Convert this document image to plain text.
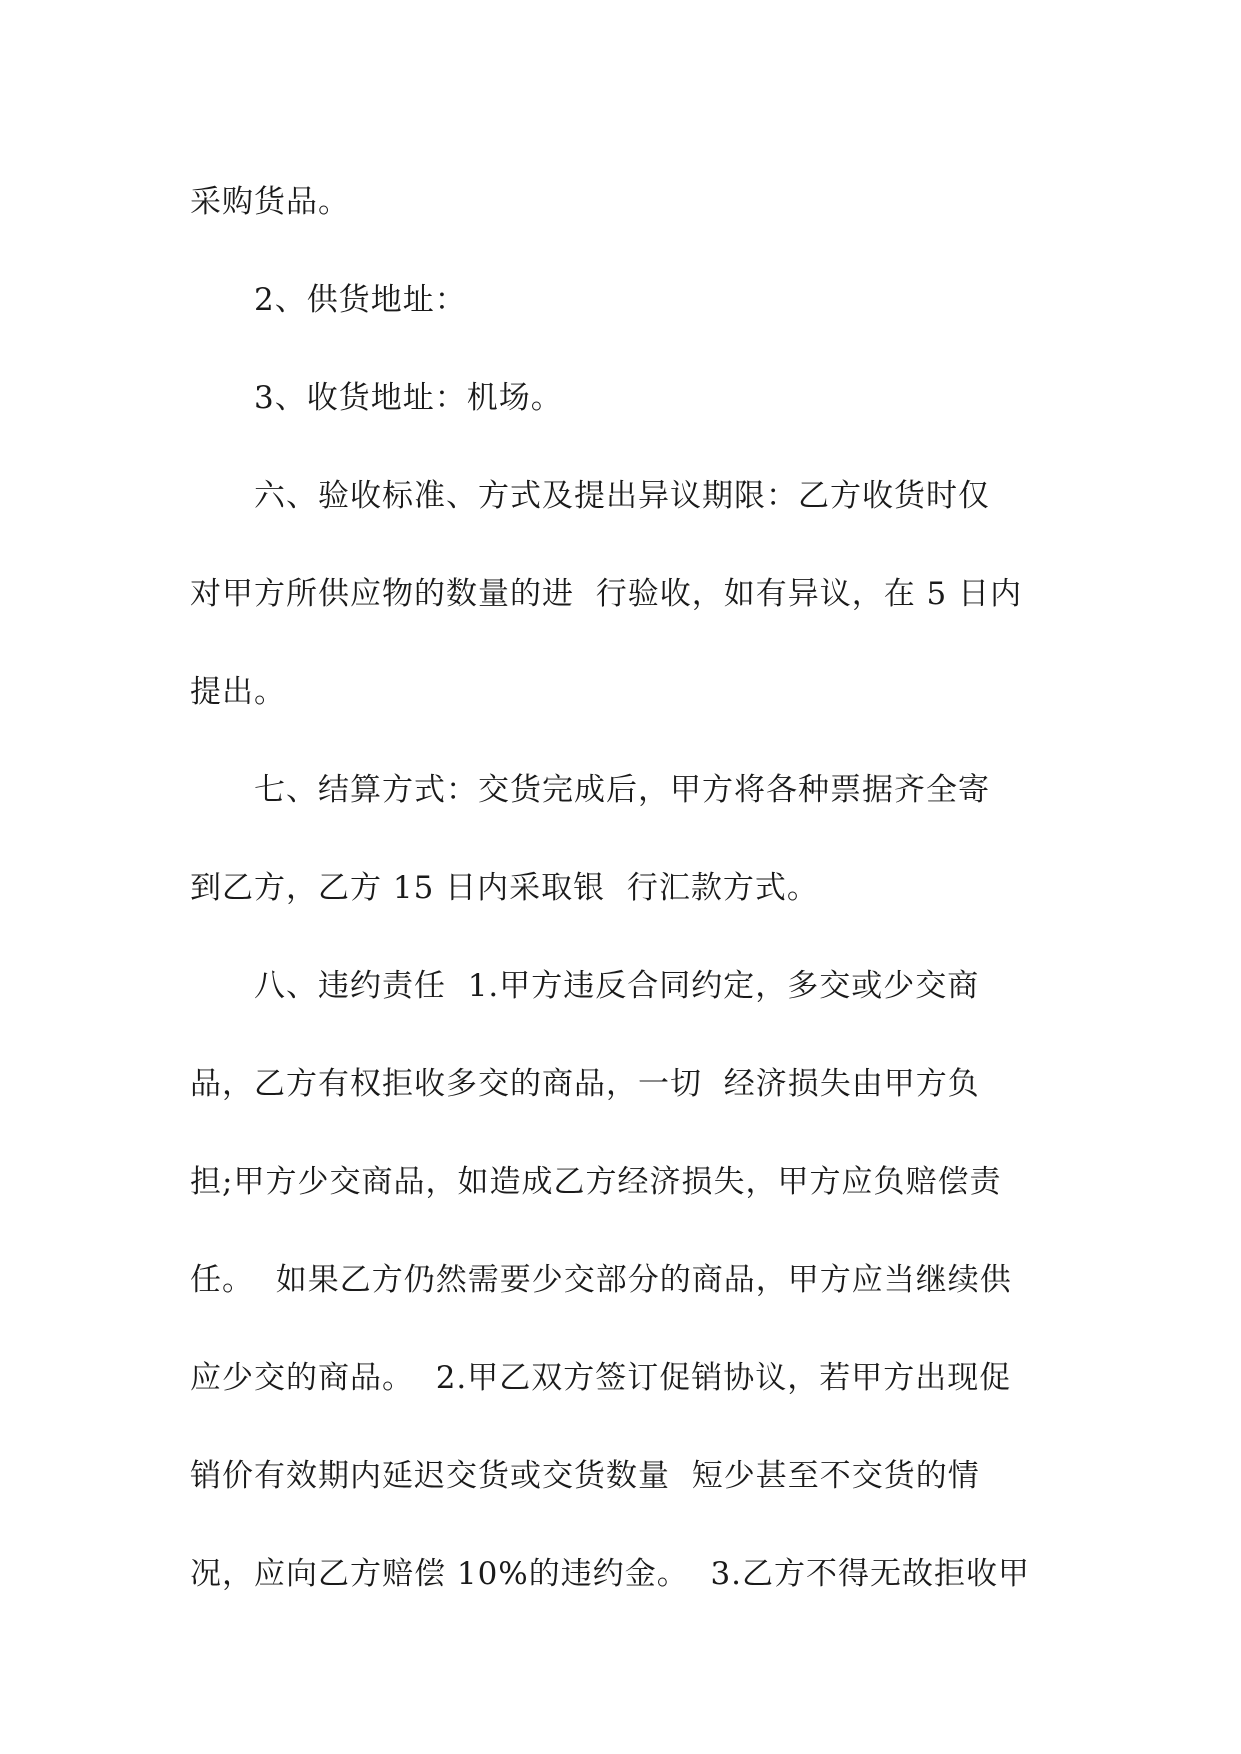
采购货品。
2、供货地址：
3、收货地址：机场。
六、验收标准、方式及提出异议期限：乙方收货时仅
对甲方所供应物的数量的进  行验收，如有异议，在 5 日内
提出。
七、结算方式：交货完成后，甲方将各种票据齐全寄
到乙方，乙方 15 日内采取银  行汇款方式。
八、违约责任  1.甲方违反合同约定，多交或少交商
品，乙方有权拒收多交的商品，一切  经济损失由甲方负
担;甲方少交商品，如造成乙方经济损失，甲方应负赔偿责
任。  如果乙方仍然需要少交部分的商品，甲方应当继续供
应少交的商品。  2.甲乙双方签订促销协议，若甲方出现促
销价有效期内延迟交货或交货数量  短少甚至不交货的情
况，应向乙方赔偿 10%的违约金。  3.乙方不得无故拒收甲
